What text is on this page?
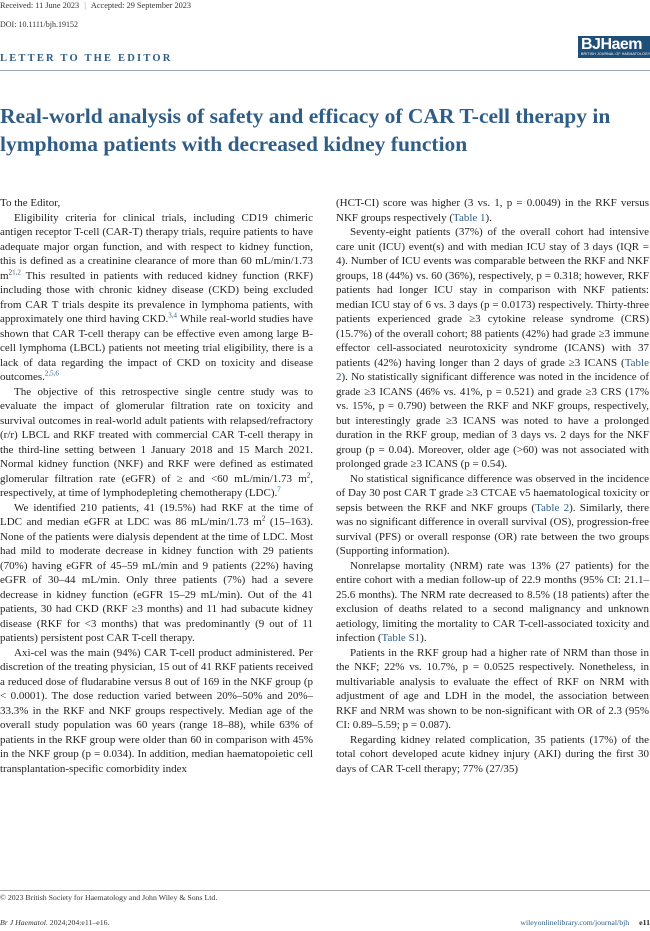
Received: 11 June 2023 | Accepted: 29 September 2023
DOI: 10.1111/bjh.19152
BJHaem
BRITISH JOURNAL OF HAEMATOLOGY
LETTER TO THE EDITOR
Real-world analysis of safety and efficacy of CAR T-cell therapy in lymphoma patients with decreased kidney function

To the Editor,

Eligibility criteria for clinical trials, including CD19 chimeric antigen receptor T-cell (CAR-T) therapy trials, require patients to have adequate major organ function, and with respect to kidney function, this is defined as a creatinine clearance of more than 60 mL/min/1.73 $m^{21,2}$ This resulted in patients with reduced kidney function (RKF) including those with chronic kidney disease (CKD) being excluded from CAR T trials despite its prevalence in lymphoma patients, with approximately one third having CKD.$^{3,4}$ While real-world studies have shown that CAR T-cell therapy can be effective even among large B-cell lymphoma (LBCL) patients not meeting trial eligibility, there is a lack of data regarding the impact of CKD on toxicity and disease outcomes.$^{2,5,6}$

The objective of this retrospective single centre study was to evaluate the impact of glomerular filtration rate on toxicity and survival outcomes in real-world adult patients with relapsed/refractory (r/r) LBCL and RKF treated with commercial CAR T-cell therapy in the third-line setting between 1 January 2018 and 15 March 2021. Normal kidney function (NKF) and RKF were defined as estimated glomerular filtration rate (eGFR) of ≥ and <60 mL/min/1.73 $m^2$, respectively, at time of lymphodepleting chemotherapy (LDC).$^7$

We identified 210 patients, 41 (19.5%) had RKF at the time of LDC and median eGFR at LDC was 86 mL/min/1.73 $m^2$ (15–163). None of the patients were dialysis dependent at the time of LDC. Most had mild to moderate decrease in kidney function with 29 patients (70%) having eGFR of 45–59 mL/min and 9 patients (22%) having eGFR of 30–44 mL/min. Only three patients (7%) had a severe decrease in kidney function (eGFR 15–29 mL/min). Out of the 41 patients, 30 had CKD (RKF ≥3 months) and 11 had subacute kidney disease (RKF for <3 months) that was predominantly (9 out of 11 patients) persistent post CAR T-cell therapy.

Axi-cel was the main (94%) CAR T-cell product administered. Per discretion of the treating physician, 15 out of 41 RKF patients received a reduced dose of fludarabine versus 8 out of 169 in the NKF group (p < 0.0001). The dose reduction varied between 20%–50% and 20%–33.3% in the RKF and NKF groups respectively. Median age of the overall study population was 60 years (range 18–88), while 63% of patients in the RKF group were older than 60 in comparison with 45% in the NKF group (p = 0.034). In addition, median haematopoietic cell transplantation-specific comorbidity index

(HCT-CI) score was higher (3 vs. 1, p = 0.0049) in the RKF versus NKF groups respectively (Table 1).

Seventy-eight patients (37%) of the overall cohort had intensive care unit (ICU) event(s) and with median ICU stay of 3 days (IQR = 4). Number of ICU events was comparable between the RKF and NKF groups, 18 (44%) vs. 60 (36%), respectively, p = 0.318; however, RKF patients had longer ICU stay in comparison with NKF patients: median ICU stay of 6 vs. 3 days (p = 0.0173) respectively. Thirty-three patients experienced grade ≥3 cytokine release syndrome (CRS) (15.7%) of the overall cohort; 88 patients (42%) had grade ≥3 immune effector cell-associated neurotoxicity syndrome (ICANS) with 37 patients (42%) having longer than 2 days of grade ≥3 ICANS (Table 2). No statistically significant difference was noted in the incidence of grade ≥3 ICANS (46% vs. 41%, p = 0.521) and grade ≥3 CRS (17% vs. 15%, p = 0.790) between the RKF and NKF groups, respectively, but interestingly grade ≥3 ICANS was noted to have a prolonged duration in the RKF group, median of 3 days vs. 2 days for the NKF group (p = 0.04). Moreover, older age (>60) was not associated with prolonged grade ≥3 ICANS (p = 0.54).

No statistical significance difference was observed in the incidence of Day 30 post CAR T grade ≥3 CTCAE v5 haematological toxicity or sepsis between the RKF and NKF groups (Table 2). Similarly, there was no significant difference in overall survival (OS), progression-free survival (PFS) or overall response (OR) rate between the two groups (Supporting information).

Nonrelapse mortality (NRM) rate was 13% (27 patients) for the entire cohort with a median follow-up of 22.9 months (95% CI: 21.1–25.6 months). The NRM rate decreased to 8.5% (18 patients) after the exclusion of deaths related to a second malignancy and unknown aetiology, limiting the mortality to CAR T-cell-associated toxicity and infection (Table S1).

Patients in the RKF group had a higher rate of NRM than those in the NKF; 22% vs. 10.7%, p = 0.0525 respectively. Nonetheless, in multivariable analysis to evaluate the effect of RKF on NRM with adjustment of age and LDH in the model, the association between RKF and NRM was shown to be non-significant with OR of 2.3 (95% CI: 0.89–5.59; p = 0.087).

Regarding kidney related complication, 35 patients (17%) of the total cohort developed acute kidney injury (AKI) during the first 30 days of CAR T-cell therapy; 77% (27/35)

© 2023 British Society for Haematology and John Wiley & Sons Ltd.
Br J Haematol. 2024;204:e11–e16.	wileyonlinelibrary.com/journal/bjh e11
